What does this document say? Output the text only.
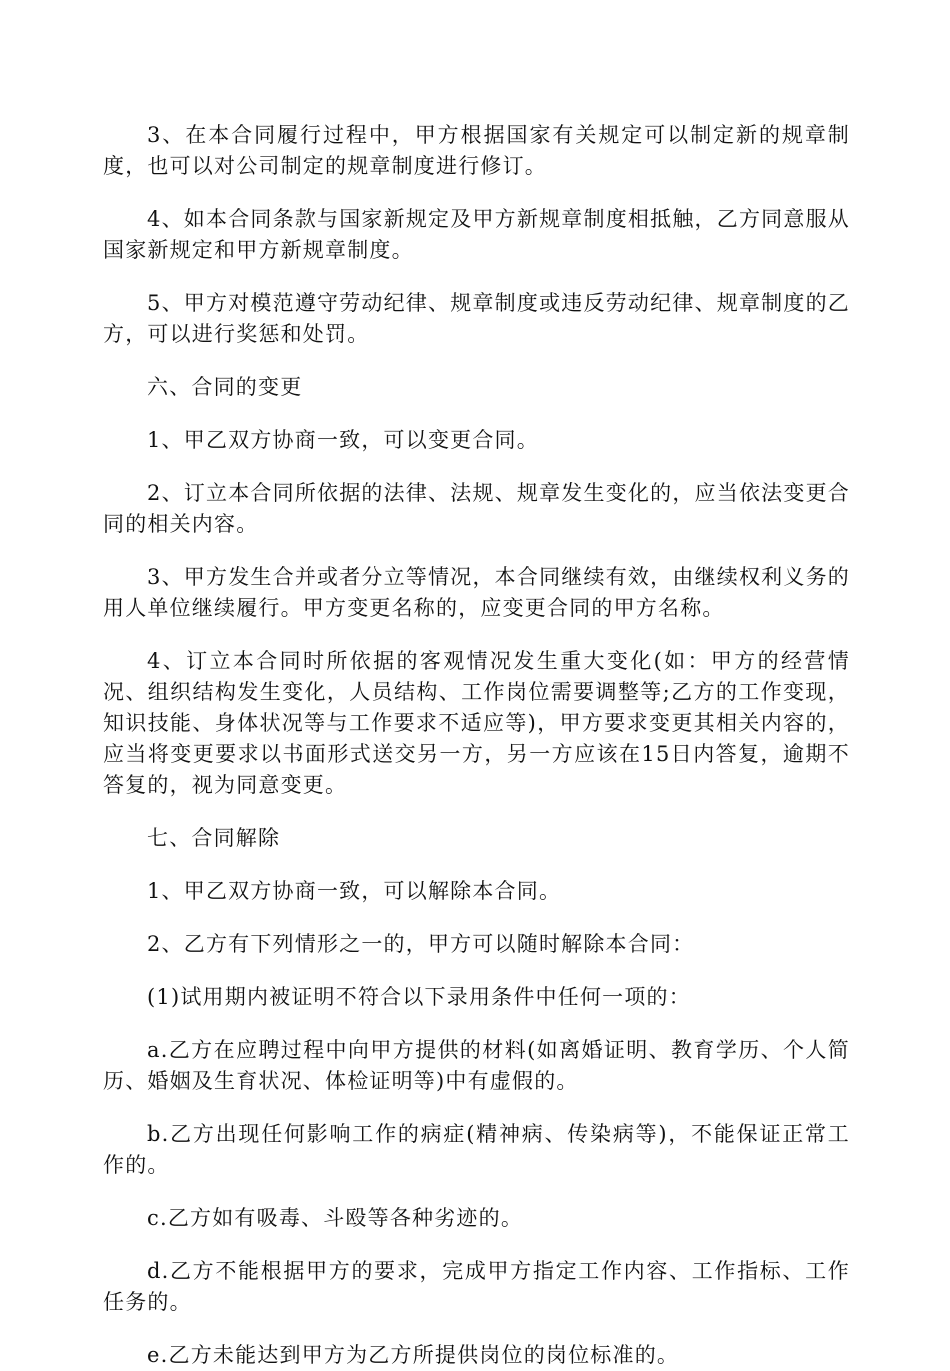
3、在本合同履行过程中，甲方根据国家有关规定可以制定新的规章制度，也可以对公司制定的规章制度进行修订。

4、如本合同条款与国家新规定及甲方新规章制度相抵触，乙方同意服从国家新规定和甲方新规章制度。

5、甲方对模范遵守劳动纪律、规章制度或违反劳动纪律、规章制度的乙方，可以进行奖惩和处罚。

六、合同的变更

1、甲乙双方协商一致，可以变更合同。

2、订立本合同所依据的法律、法规、规章发生变化的，应当依法变更合同的相关内容。

3、甲方发生合并或者分立等情况，本合同继续有效，由继续权利义务的用人单位继续履行。甲方变更名称的，应变更合同的甲方名称。

4、订立本合同时所依据的客观情况发生重大变化(如：甲方的经营情况、组织结构发生变化，人员结构、工作岗位需要调整等;乙方的工作变现，知识技能、身体状况等与工作要求不适应等)，甲方要求变更其相关内容的，应当将变更要求以书面形式送交另一方，另一方应该在15日内答复，逾期不答复的，视为同意变更。

七、合同解除

1、甲乙双方协商一致，可以解除本合同。

2、乙方有下列情形之一的，甲方可以随时解除本合同：

(1)试用期内被证明不符合以下录用条件中任何一项的：

a.乙方在应聘过程中向甲方提供的材料(如离婚证明、教育学历、个人简历、婚姻及生育状况、体检证明等)中有虚假的。

b.乙方出现任何影响工作的病症(精神病、传染病等)，不能保证正常工作的。

c.乙方如有吸毒、斗殴等各种劣迹的。

d.乙方不能根据甲方的要求，完成甲方指定工作内容、工作指标、工作任务的。

e.乙方未能达到甲方为乙方所提供岗位的岗位标准的。
